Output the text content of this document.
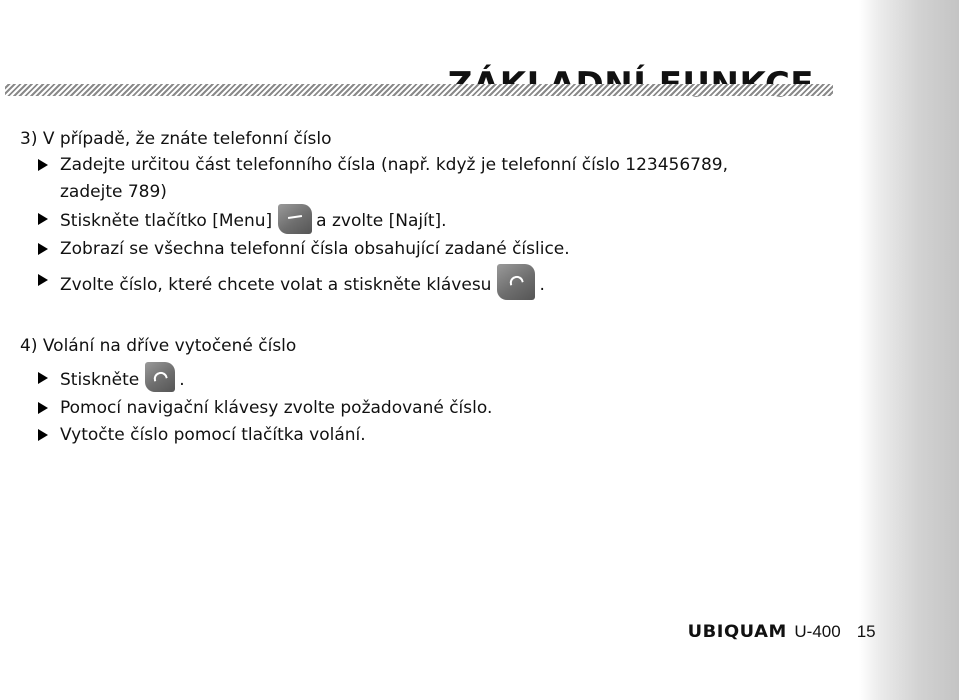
3) V případě, že znáte telefonní číslo
Zadejte určitou část telefonního čísla (např. když je telefonní číslo 123456789,
zadejte 789)
Stiskněte tlačítko [Menu]	a zvolte [Najít].
Zobrazí se všechna telefonní čísla obsahující zadané číslice.
Zvolte číslo, které chcete volat a stiskněte klávesu	.
4) Volání na dříve vytočené číslo
Stiskněte .
Pomocí navigační klávesy zvolte požadované číslo.
Vytočte číslo pomocí tlačítka volání.
UBIQUAM U-400 15
